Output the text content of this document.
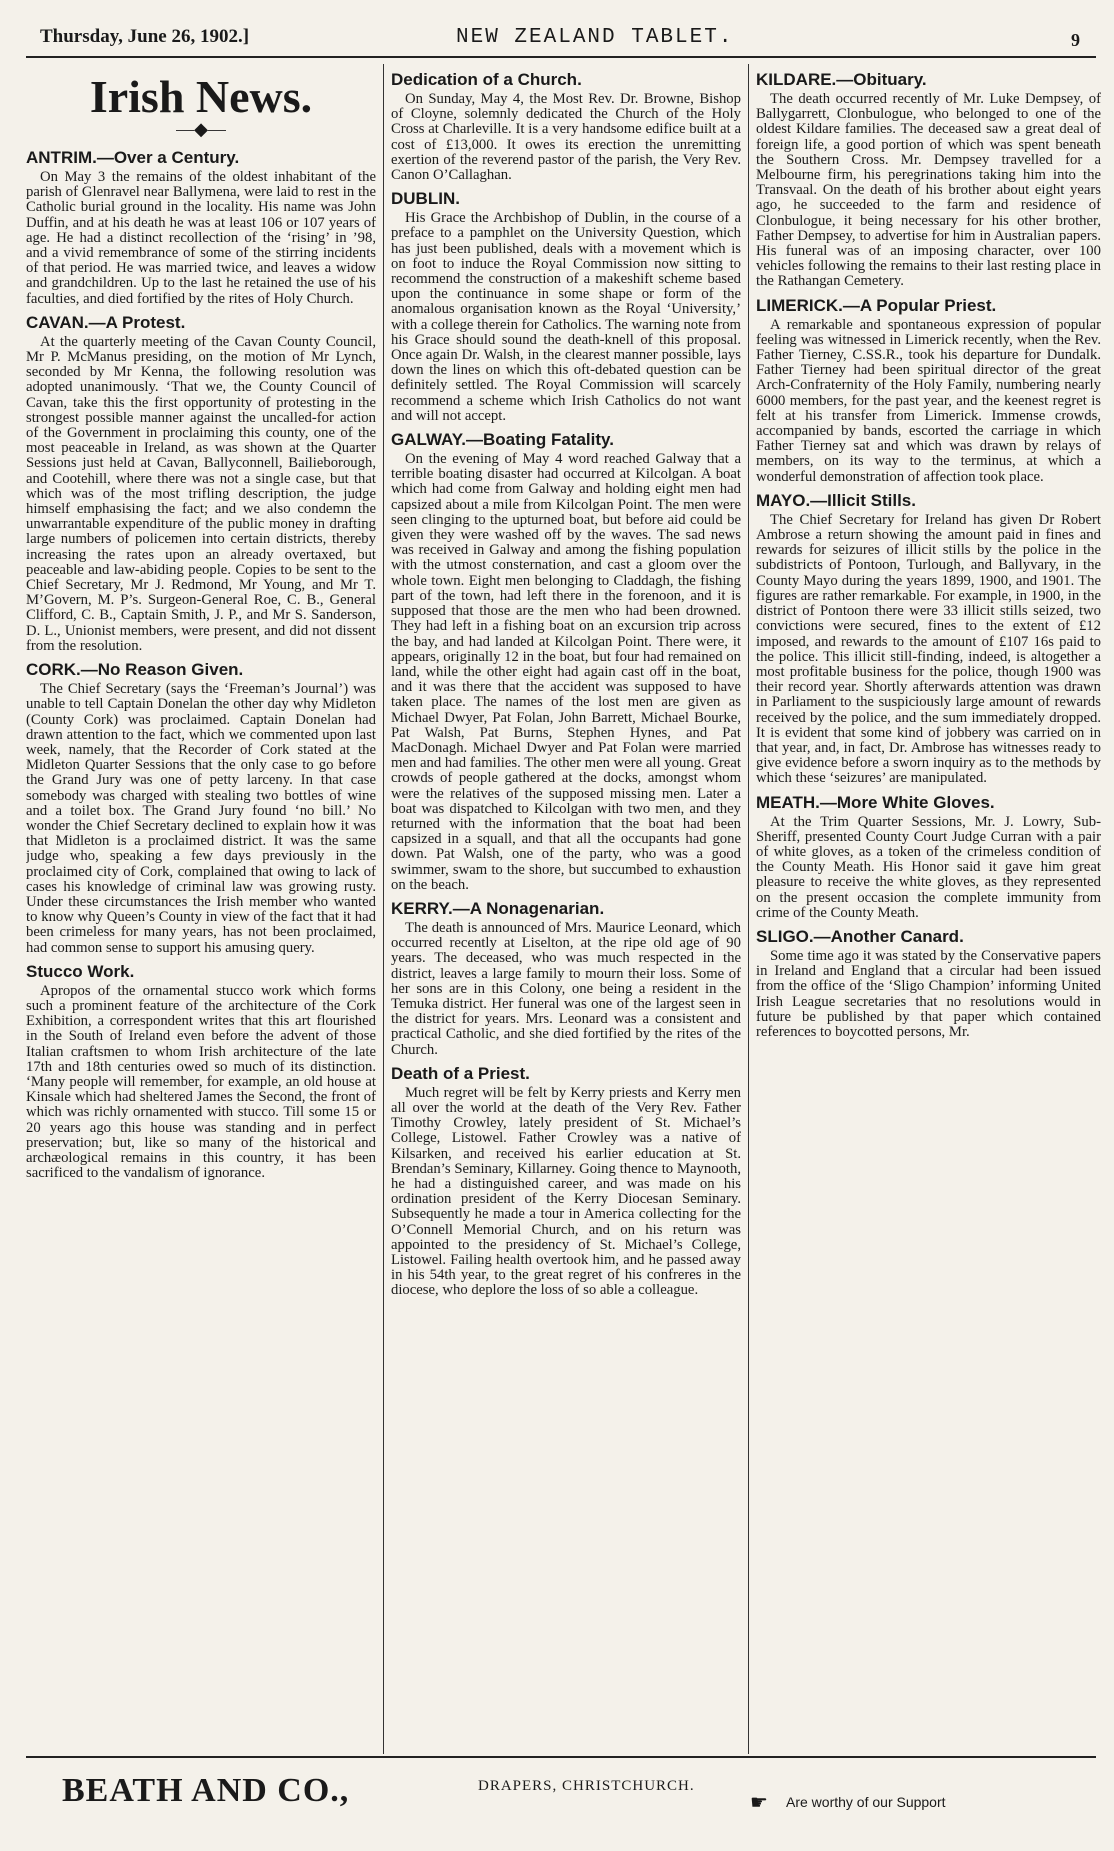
Thursday, June 26, 1902.]	NEW ZEALAND TABLET.	9
Irish News.
—◆—
ANTRIM.—Over a Century.

On May 3 the remains of the oldest inhabitant of the parish of Glenravel near Ballymena, were laid to rest in the Catholic burial ground in the locality. His name was John Duffin, and at his death he was at least 106 or 107 years of age. He had a distinct recollection of the ‘rising’ in ’98, and a vivid remembrance of some of the stirring incidents of that period. He was married twice, and leaves a widow and grandchildren. Up to the last he retained the use of his faculties, and died fortified by the rites of Holy Church.

CAVAN.—A Protest.

At the quarterly meeting of the Cavan County Council, Mr P. McManus presiding, on the motion of Mr Lynch, seconded by Mr Kenna, the following resolution was adopted unanimously. ‘That we, the County Council of Cavan, take this the first opportunity of protesting in the strongest possible manner against the uncalled-for action of the Government in proclaiming this county, one of the most peaceable in Ireland, as was shown at the Quarter Sessions just held at Cavan, Ballyconnell, Bailieborough, and Cootehill, where there was not a single case, but that which was of the most trifling description, the judge himself emphasising the fact; and we also condemn the unwarrantable expenditure of the public money in drafting large numbers of policemen into certain districts, thereby increasing the rates upon an already overtaxed, but peaceable and law-abiding people. Copies to be sent to the Chief Secretary, Mr J. Redmond, Mr Young, and Mr T. M’Govern, M. P’s. Surgeon-General Roe, C. B., General Clifford, C. B., Captain Smith, J. P., and Mr S. Sanderson, D. L., Unionist members, were present, and did not dissent from the resolution.

CORK.—No Reason Given.

The Chief Secretary (says the ‘Freeman’s Journal’) was unable to tell Captain Donelan the other day why Midleton (County Cork) was proclaimed. Captain Donelan had drawn attention to the fact, which we commented upon last week, namely, that the Recorder of Cork stated at the Midleton Quarter Sessions that the only case to go before the Grand Jury was one of petty larceny. In that case somebody was charged with stealing two bottles of wine and a toilet box. The Grand Jury found ‘no bill.’ No wonder the Chief Secretary declined to explain how it was that Midleton is a proclaimed district. It was the same judge who, speaking a few days previously in the proclaimed city of Cork, complained that owing to lack of cases his knowledge of criminal law was growing rusty. Under these circumstances the Irish member who wanted to know why Queen’s County in view of the fact that it had been crimeless for many years, has not been proclaimed, had common sense to support his amusing query.

Stucco Work.

Apropos of the ornamental stucco work which forms such a prominent feature of the architecture of the Cork Exhibition, a correspondent writes that this art flourished in the South of Ireland even before the advent of those Italian craftsmen to whom Irish architecture of the late 17th and 18th centuries owed so much of its distinction. ‘Many people will remember, for example, an old house at Kinsale which had sheltered James the Second, the front of which was richly ornamented with stucco. Till some 15 or 20 years ago this house was standing and in perfect preservation; but, like so many of the historical and archæological remains in this country, it has been sacrificed to the vandalism of ignorance.

Dedication of a Church.

On Sunday, May 4, the Most Rev. Dr. Browne, Bishop of Cloyne, solemnly dedicated the Church of the Holy Cross at Charleville. It is a very handsome edifice built at a cost of £13,000. It owes its erection the unremitting exertion of the reverend pastor of the parish, the Very Rev. Canon O’Callaghan.

DUBLIN.

His Grace the Archbishop of Dublin, in the course of a preface to a pamphlet on the University Question, which has just been published, deals with a movement which is on foot to induce the Royal Commission now sitting to recommend the construction of a makeshift scheme based upon the continuance in some shape or form of the anomalous organisation known as the Royal ‘University,’ with a college therein for Catholics. The warning note from his Grace should sound the death-knell of this proposal. Once again Dr. Walsh, in the clearest manner possible, lays down the lines on which this oft-debated question can be definitely settled. The Royal Commission will scarcely recommend a scheme which Irish Catholics do not want and will not accept.

GALWAY.—Boating Fatality.

On the evening of May 4 word reached Galway that a terrible boating disaster had occurred at Kilcolgan. A boat which had come from Galway and holding eight men had capsized about a mile from Kilcolgan Point. The men were seen clinging to the upturned boat, but before aid could be given they were washed off by the waves. The sad news was received in Galway and among the fishing population with the utmost consternation, and cast a gloom over the whole town. Eight men belonging to Claddagh, the fishing part of the town, had left there in the forenoon, and it is supposed that those are the men who had been drowned. They had left in a fishing boat on an excursion trip across the bay, and had landed at Kilcolgan Point. There were, it appears, originally 12 in the boat, but four had remained on land, while the other eight had again cast off in the boat, and it was there that the accident was supposed to have taken place. The names of the lost men are given as Michael Dwyer, Pat Folan, John Barrett, Michael Bourke, Pat Walsh, Pat Burns, Stephen Hynes, and Pat MacDonagh. Michael Dwyer and Pat Folan were married men and had families. The other men were all young. Great crowds of people gathered at the docks, amongst whom were the relatives of the supposed missing men. Later a boat was dispatched to Kilcolgan with two men, and they returned with the information that the boat had been capsized in a squall, and that all the occupants had gone down. Pat Walsh, one of the party, who was a good swimmer, swam to the shore, but succumbed to exhaustion on the beach.

KERRY.—A Nonagenarian.

The death is announced of Mrs. Maurice Leonard, which occurred recently at Liselton, at the ripe old age of 90 years. The deceased, who was much respected in the district, leaves a large family to mourn their loss. Some of her sons are in this Colony, one being a resident in the Temuka district. Her funeral was one of the largest seen in the district for years. Mrs. Leonard was a consistent and practical Catholic, and she died fortified by the rites of the Church.

Death of a Priest.

Much regret will be felt by Kerry priests and Kerry men all over the world at the death of the Very Rev. Father Timothy Crowley, lately president of St. Michael’s College, Listowel. Father Crowley was a native of Kilsarken, and received his earlier education at St. Brendan’s Seminary, Killarney. Going thence to Maynooth, he had a distinguished career, and was made on his ordination president of the Kerry Diocesan Seminary. Subsequently he made a tour in America collecting for the O’Connell Memorial Church, and on his return was appointed to the presidency of St. Michael’s College, Listowel. Failing health overtook him, and he passed away in his 54th year, to the great regret of his confreres in the diocese, who deplore the loss of so able a colleague.

KILDARE.—Obituary.

The death occurred recently of Mr. Luke Dempsey, of Ballygarrett, Clonbulogue, who belonged to one of the oldest Kildare families. The deceased saw a great deal of foreign life, a good portion of which was spent beneath the Southern Cross. Mr. Dempsey travelled for a Melbourne firm, his peregrinations taking him into the Transvaal. On the death of his brother about eight years ago, he succeeded to the farm and residence of Clonbulogue, it being necessary for his other brother, Father Dempsey, to advertise for him in Australian papers. His funeral was of an imposing character, over 100 vehicles following the remains to their last resting place in the Rathangan Cemetery.

LIMERICK.—A Popular Priest.

A remarkable and spontaneous expression of popular feeling was witnessed in Limerick recently, when the Rev. Father Tierney, C.SS.R., took his departure for Dundalk. Father Tierney had been spiritual director of the great Arch-Confraternity of the Holy Family, numbering nearly 6000 members, for the past year, and the keenest regret is felt at his transfer from Limerick. Immense crowds, accompanied by bands, escorted the carriage in which Father Tierney sat and which was drawn by relays of members, on its way to the terminus, at which a wonderful demonstration of affection took place.

MAYO.—Illicit Stills.

The Chief Secretary for Ireland has given Dr Robert Ambrose a return showing the amount paid in fines and rewards for seizures of illicit stills by the police in the subdistricts of Pontoon, Turlough, and Ballyvary, in the County Mayo during the years 1899, 1900, and 1901. The figures are rather remarkable. For example, in 1900, in the district of Pontoon there were 33 illicit stills seized, two convictions were secured, fines to the extent of £12 imposed, and rewards to the amount of £107 16s paid to the police. This illicit still-finding, indeed, is altogether a most profitable business for the police, though 1900 was their record year. Shortly afterwards attention was drawn in Parliament to the suspiciously large amount of rewards received by the police, and the sum immediately dropped. It is evident that some kind of jobbery was carried on in that year, and, in fact, Dr. Ambrose has witnesses ready to give evidence before a sworn inquiry as to the methods by which these ‘seizures’ are manipulated.

MEATH.—More White Gloves.

At the Trim Quarter Sessions, Mr. J. Lowry, Sub-Sheriff, presented County Court Judge Curran with a pair of white gloves, as a token of the crimeless condition of the County Meath. His Honor said it gave him great pleasure to receive the white gloves, as they represented on the present occasion the complete immunity from crime of the County Meath.

SLIGO.—Another Canard.

Some time ago it was stated by the Conservative papers in Ireland and England that a circular had been issued from the office of the ‘Sligo Champion’ informing United Irish League secretaries that no resolutions would in future be published by that paper which contained references to boycotted persons, Mr.

BEATH AND CO.,	DRAPERS, CHRISTCHURCH.
☛ Are worthy of our Support
